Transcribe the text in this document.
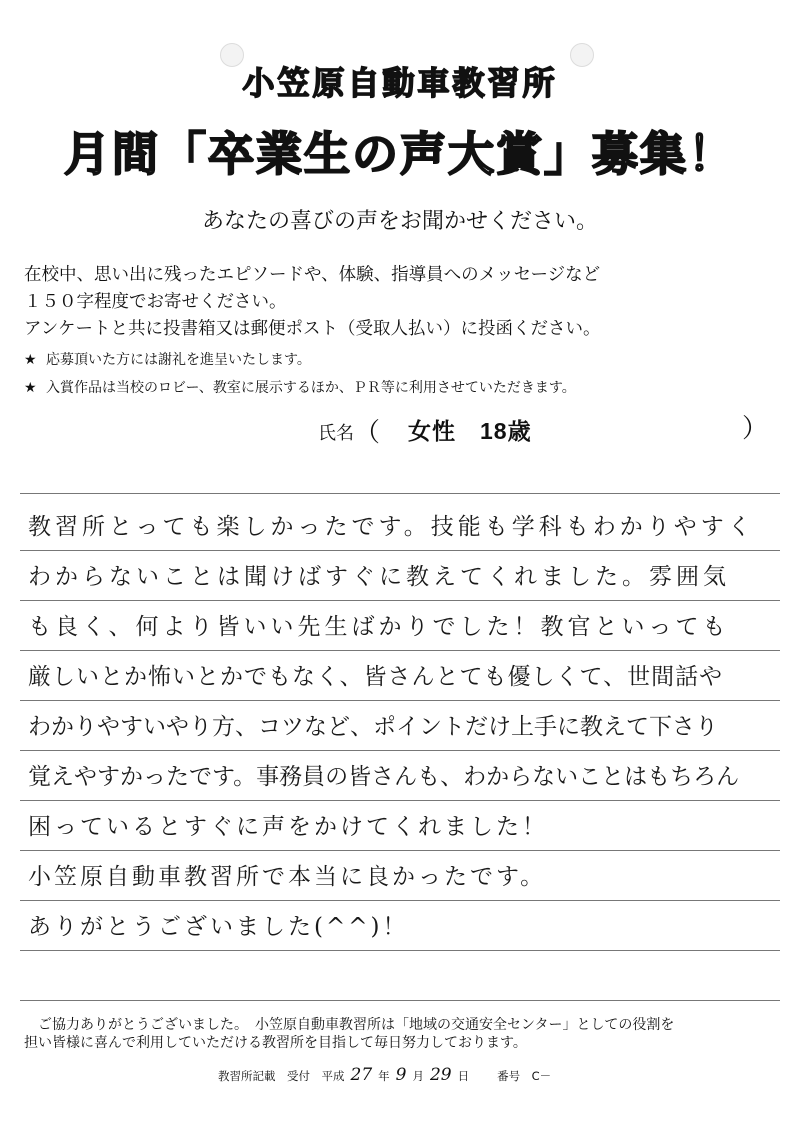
小笠原自動車教習所
月間「卒業生の声大賞」募集！
あなたの喜びの声をお聞かせください。
在校中、思い出に残ったエピソードや、体験、指導員へのメッセージなど
１５０字程度でお寄せください。
アンケートと共に投書箱又は郵便ポスト（受取人払い）に投函ください。
★ 応募頂いた方には謝礼を進呈いたします。
★ 入賞作品は当校のロビー、教室に展示するほか、ＰＲ等に利用させていただきます。
氏名（ 女性　18歳	）
教習所とっても楽しかったです。技能も学科もわかりやすく
わからないことは聞けばすぐに教えてくれました。雰囲気
も良く、何より皆いい先生ばかりでした！教官といっても
厳しいとか怖いとかでもなく、皆さんとても優しくて、世間話や
わかりやすいやり方、コツなど、ポイントだけ上手に教えて下さり
覚えやすかったです。事務員の皆さんも、わからないことはもちろん
困っているとすぐに声をかけてくれました！
小笠原自動車教習所で本当に良かったです。
ありがとうございました(^^)！
　ご協力ありがとうございました。　小笠原自動車教習所は「地域の交通安全センター」としての役割を
担い皆様に喜んで利用していただける教習所を目指して毎日努力しております。
教習所記載　受付　平成 27 年 9 月 29 日 番号　C－
